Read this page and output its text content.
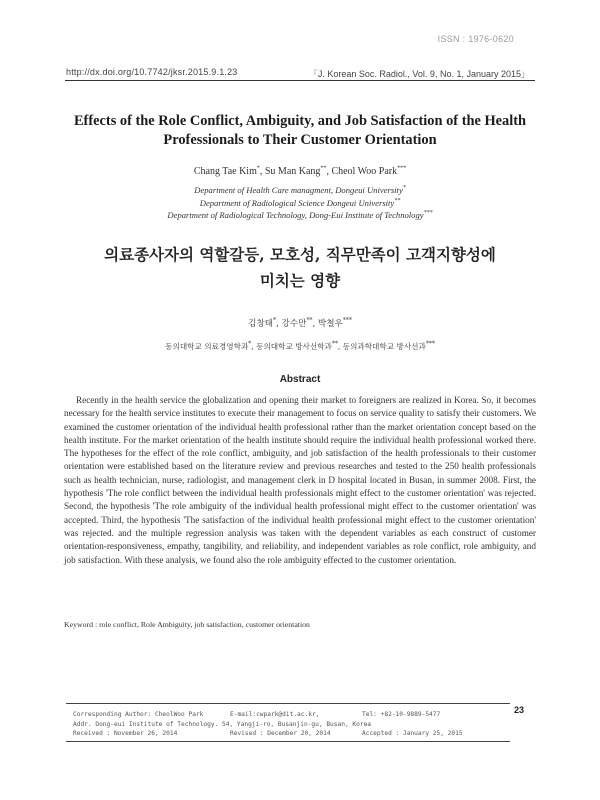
ISSN : 1976-0620
http://dx.doi.org/10.7742/jksr.2015.9.1.23	「J. Korean Soc. Radiol., Vol. 9, No. 1, January 2015」
Effects of the Role Conflict, Ambiguity, and Job Satisfaction of the Health Professionals to Their Customer Orientation
Chang Tae Kim*, Su Man Kang**, Cheol Woo Park***
Department of Health Care managment, Dongeui University*
Department of Radiological Science Dongeui University**
Department of Radiological Technology, Dong-Eui Institute of Technology***
의료종사자의 역할갈등, 모호성, 직무만족이 고객지향성에
미치는 영향
김창태*, 강수만**, 박철우***
동의대학교 의료경영학과*, 동의대학교 방사선학과**, 동의과학대학교 방사선과***
Abstract

Recently in the health service the globalization and opening their market to foreigners are realized in Korea. So, it becomes necessary for the health service institutes to execute their management to focus on service quality to satisfy their customers. We examined the customer orientation of the individual health professional rather than the market orientation concept based on the health institute. For the market orientation of the health institute should require the individual health professional worked there. The hypotheses for the effect of the role conflict, ambiguity, and job satisfaction of the health professionals to their customer orientation were established based on the literature review and previous researches and tested to the 250 health professionals such as health technician, nurse, radiologist, and management clerk in D hospital located in Busan, in summer 2008. First, the hypothesis 'The role conflict between the individual health professionals might effect to the customer orientation' was rejected. Second, the hypothesis 'The role ambiguity of the individual health professional might effect to the customer orientation' was accepted. Third, the hypothesis 'The satisfaction of the individual health professional might effect to the customer orientation' was rejected. and the multiple regression analysis was taken with the dependent variables as each construct of customer orientation-responsiveness, empathy, tangibility, and reliability, and independent variables as role conflict, role ambiguity, and job satisfaction. With these analysis, we found also the role ambiguity effected to the customer orientation.

Keyword : role conflict, Role Ambiguity, job satisfaction, customer orientation
23
Corresponding Author: CheolWoo Park	E-mail:cwpark@dit.ac.kr,	Tel: +82-10-9889-5477
Addr. Dong-eui Institute of Technology. 54, Yangji-ro, Busanjin-gu, Busan, Korea
Received : November 26, 2014	Revised : December 20, 2014	Accepted : January 25, 2015
